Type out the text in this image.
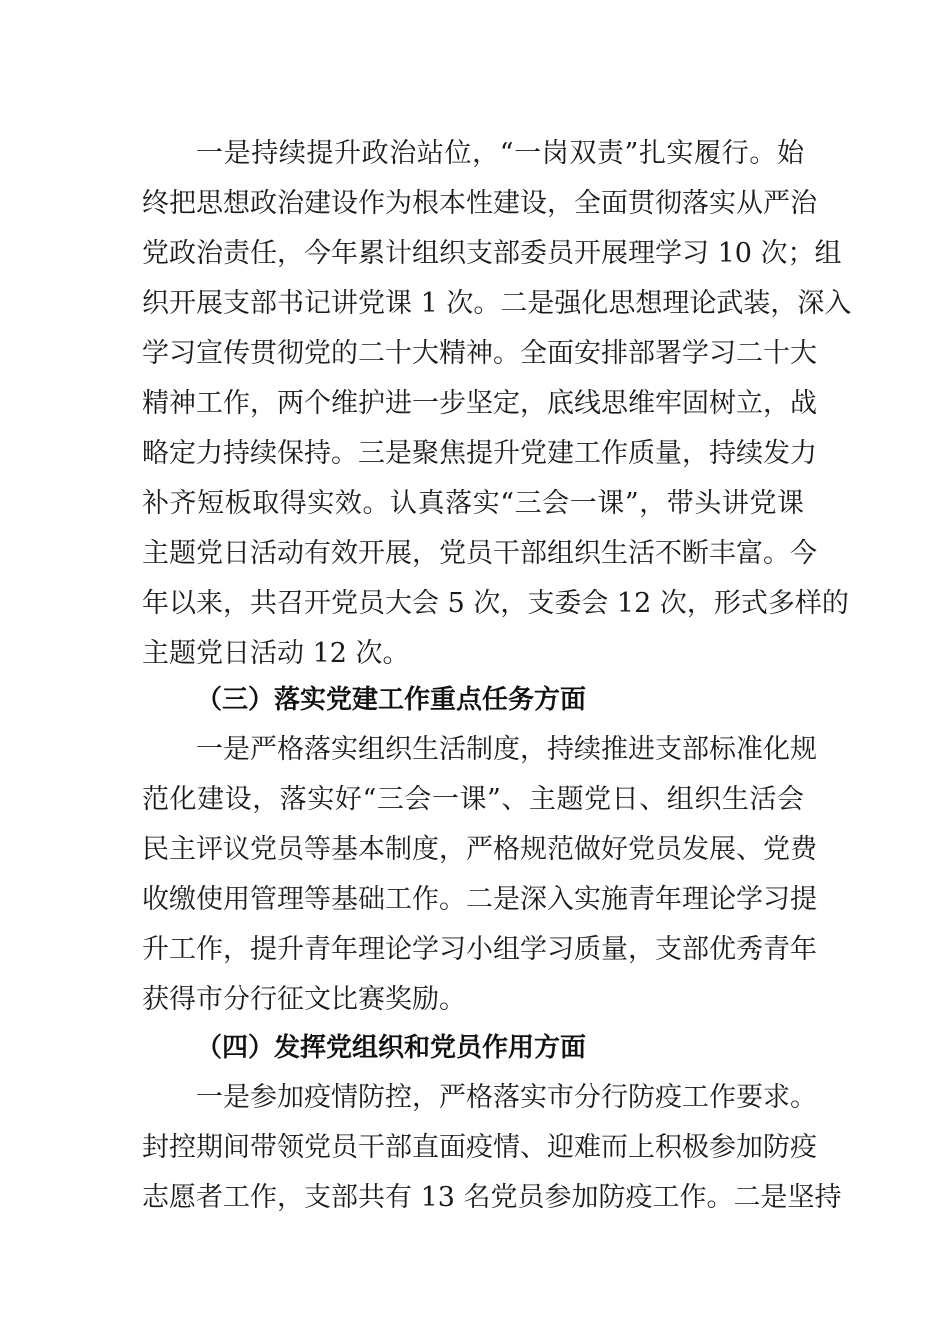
一是持续提升政治站位，“一岗双责”扎实履行。始
终把思想政治建设作为根本性建设，全面贯彻落实从严治
党政治责任，今年累计组织支部委员开展理学习 10 次；组
织开展支部书记讲党课 1 次。二是强化思想理论武装，深入
学习宣传贯彻党的二十大精神。全面安排部署学习二十大
精神工作，两个维护进一步坚定，底线思维牢固树立，战
略定力持续保持。三是聚焦提升党建工作质量，持续发力
补齐短板取得实效。认真落实“三会一课”，带头讲党课
主题党日活动有效开展，党员干部组织生活不断丰富。今
年以来，共召开党员大会 5 次，支委会 12 次，形式多样的
主题党日活动 12 次。
（三）落实党建工作重点任务方面
一是严格落实组织生活制度，持续推进支部标准化规
范化建设，落实好“三会一课”、主题党日、组织生活会
民主评议党员等基本制度，严格规范做好党员发展、党费
收缴使用管理等基础工作。二是深入实施青年理论学习提
升工作，提升青年理论学习小组学习质量，支部优秀青年
获得市分行征文比赛奖励。
（四）发挥党组织和党员作用方面
一是参加疫情防控，严格落实市分行防疫工作要求。
封控期间带领党员干部直面疫情、迎难而上积极参加防疫
志愿者工作，支部共有 13 名党员参加防疫工作。二是坚持
